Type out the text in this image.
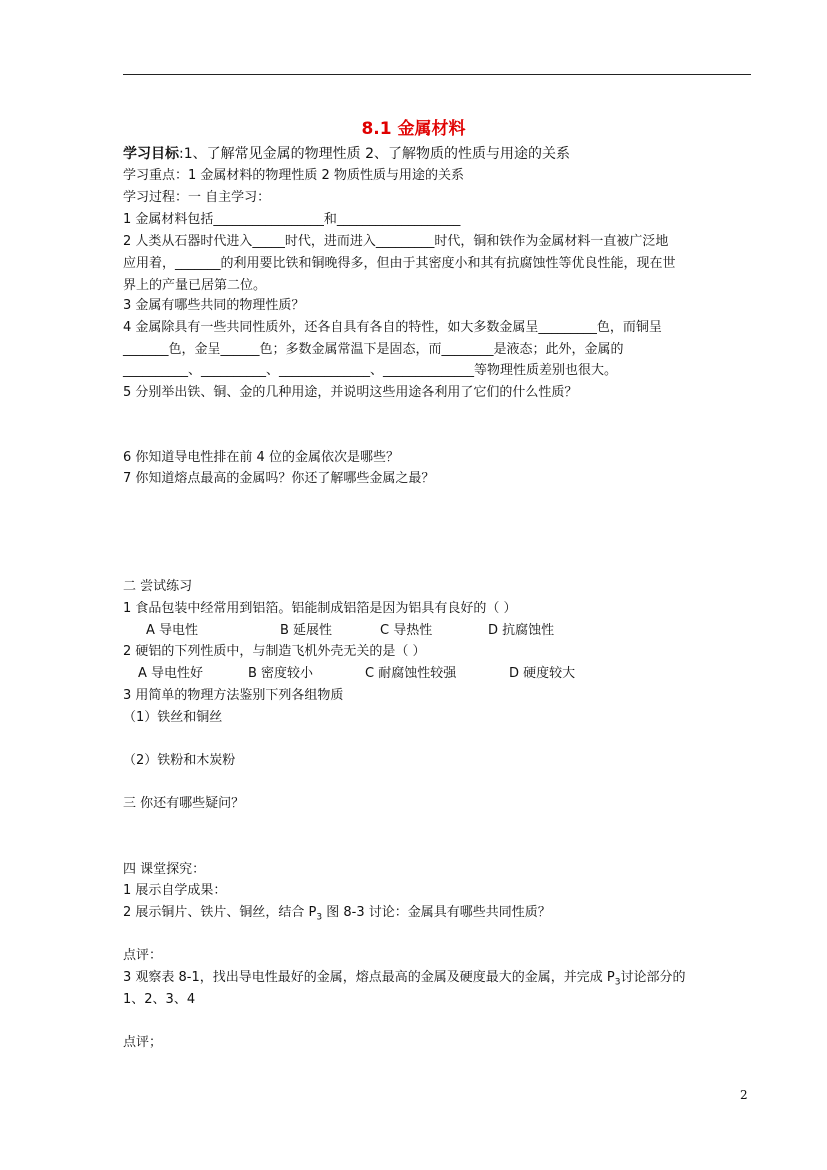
8.1 金属材料
学习目标:1、了解常见金属的物理性质 2、了解物质的性质与用途的关系
学习重点：1 金属材料的物理性质 2 物质性质与用途的关系
学习过程：一 自主学习：
1 金属材料包括_________________和___________________
2 人类从石器时代进入_____时代，进而进入_________时代，铜和铁作为金属材料一直被广泛地
应用着，_______的利用要比铁和铜晚得多，但由于其密度小和其有抗腐蚀性等优良性能，现在世
界上的产量已居第二位。
3 金属有哪些共同的物理性质？
4 金属除具有一些共同性质外，还各自具有各自的特性，如大多数金属呈_________色，而铜呈
_______色，金呈______色；多数金属常温下是固态，而________是液态；此外，金属的
__________、__________、______________、______________等物理性质差别也很大。
5 分别举出铁、铜、金的几种用途，并说明这些用途各利用了它们的什么性质？
6 你知道导电性排在前 4 位的金属依次是哪些？
7 你知道熔点最高的金属吗？你还了解哪些金属之最？
二 尝试练习
1 食品包装中经常用到铝箔。铝能制成铝箔是因为铝具有良好的（ ）
A 导电性	B 延展性	C 导热性	D 抗腐蚀性
2 硬铝的下列性质中，与制造飞机外壳无关的是（ ）
A 导电性好	B 密度较小	C 耐腐蚀性较强	D 硬度较大
3 用简单的物理方法鉴别下列各组物质
（1）铁丝和铜丝
（2）铁粉和木炭粉
三 你还有哪些疑问？
四 课堂探究：
1 展示自学成果：
2 展示铜片、铁片、铜丝，结合 $P_3$ 图 8-3 讨论：金属具有哪些共同性质？
点评：
3 观察表 8-1，找出导电性最好的金属，熔点最高的金属及硬度最大的金属，并完成 $P_3$讨论部分的
1、2、3、4
点评；
2
